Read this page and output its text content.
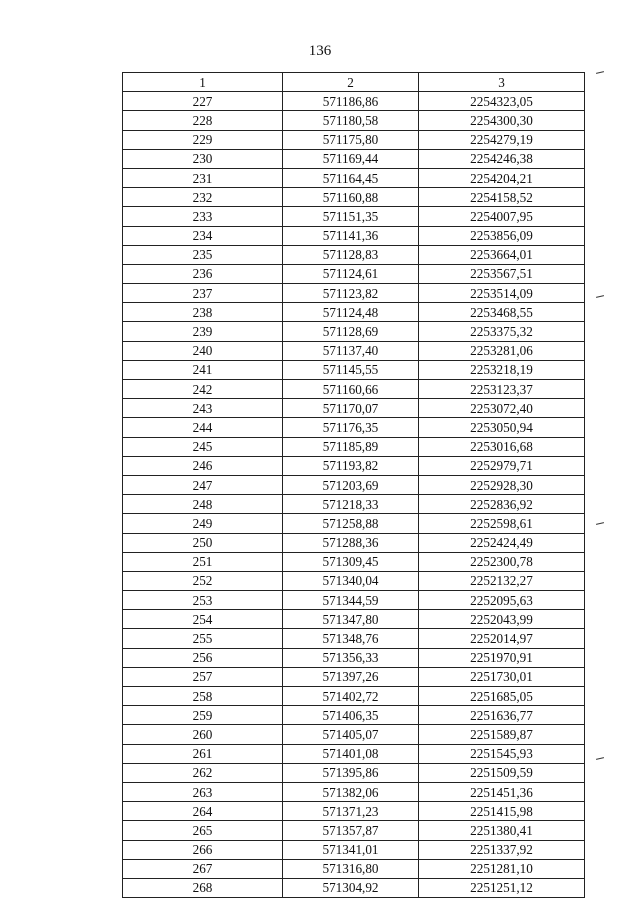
136
1	2	3
227	571186,86	2254323,05
228	571180,58	2254300,30
229	571175,80	2254279,19
230	571169,44	2254246,38
231	571164,45	2254204,21
232	571160,88	2254158,52
233	571151,35	2254007,95
234	571141,36	2253856,09
235	571128,83	2253664,01
236	571124,61	2253567,51
237	571123,82	2253514,09
238	571124,48	2253468,55
239	571128,69	2253375,32
240	571137,40	2253281,06
241	571145,55	2253218,19
242	571160,66	2253123,37
243	571170,07	2253072,40
244	571176,35	2253050,94
245	571185,89	2253016,68
246	571193,82	2252979,71
247	571203,69	2252928,30
248	571218,33	2252836,92
249	571258,88	2252598,61
250	571288,36	2252424,49
251	571309,45	2252300,78
252	571340,04	2252132,27
253	571344,59	2252095,63
254	571347,80	2252043,99
255	571348,76	2252014,97
256	571356,33	2251970,91
257	571397,26	2251730,01
258	571402,72	2251685,05
259	571406,35	2251636,77
260	571405,07	2251589,87
261	571401,08	2251545,93
262	571395,86	2251509,59
263	571382,06	2251451,36
264	571371,23	2251415,98
265	571357,87	2251380,41
266	571341,01	2251337,92
267	571316,80	2251281,10
268	571304,92	2251251,12
